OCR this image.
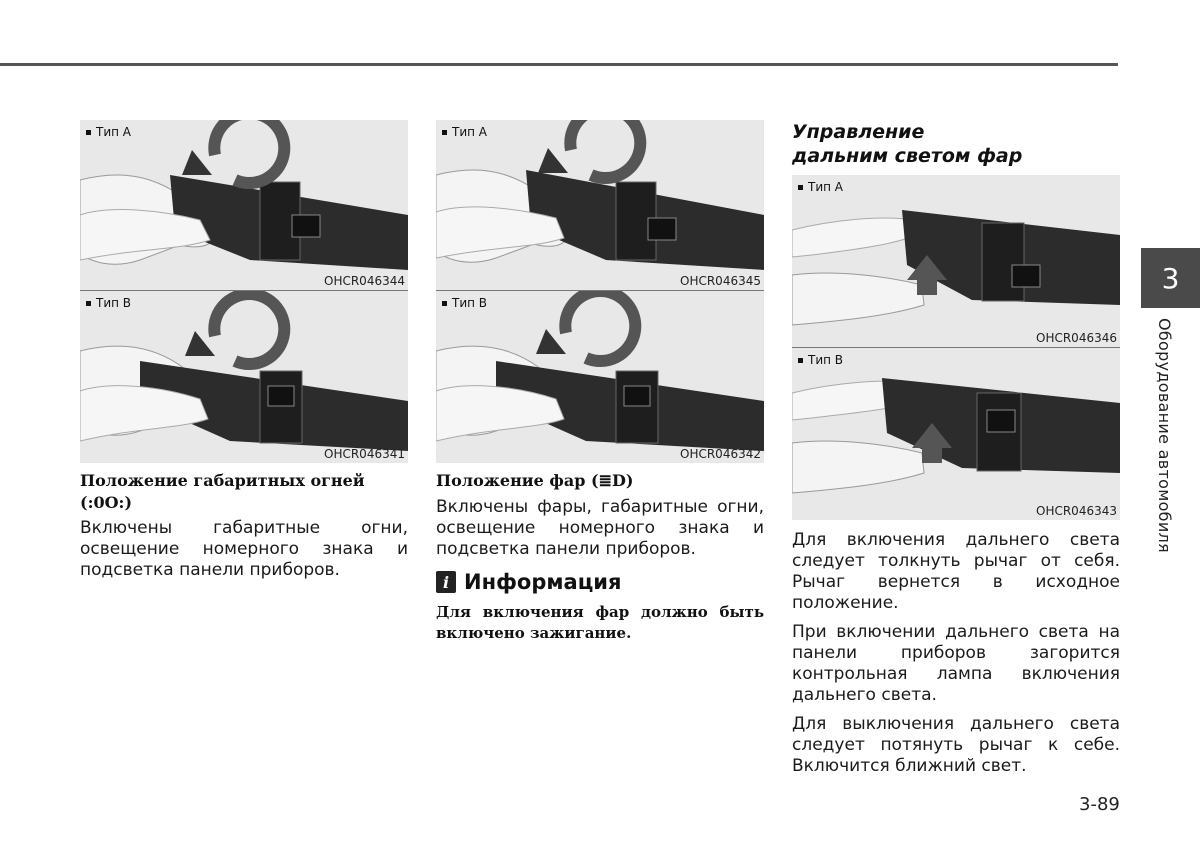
Тип А
OHCR046344
Тип В
OHCR046341
Положение габаритных огней
(:0O:)

Включены габаритные огни, освещение номерного знака и подсветка панели приборов.

Тип А
OHCR046345
Тип В
OHCR046342
Положение фар (≣D)

Включены фары, габаритные огни, освещение номерного знака и подсветка панели приборов.

i Информация
Для включения фар должно быть включено зажигание.
Управление
дальним светом фар
Тип А
OHCR046346
Тип В
OHCR046343

Для включения дальнего света следует толкнуть рычаг от себя. Рычаг вернется в исходное положение.

При включении дальнего света на панели приборов загорится контрольная лампа включения дальнего света.

Для выключения дальнего света следует потянуть рычаг к себе. Включится ближний свет.

3
Оборудование автомобиля
3-89
